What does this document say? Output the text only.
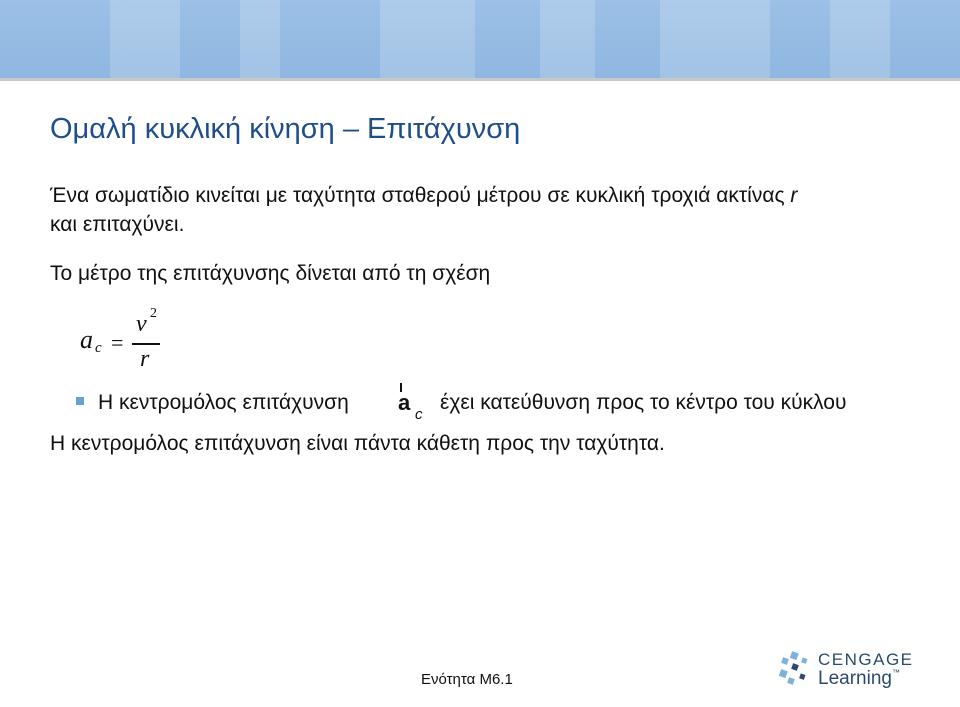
Ομαλή κυκλική κίνηση – Επιτάχυνση
Ένα σωματίδιο κινείται με ταχύτητα σταθερού μέτρου σε κυκλική τροχιά ακτίνας r
και επιταχύνει.
Το μέτρο της επιτάχυνσης δίνεται από τη σχέση
a c =
v 2
r
Η κεντρομόλος επιτάχυνση a c
έχει κατεύθυνση προς το κέντρο του κύκλου
Η κεντρομόλος επιτάχυνση είναι πάντα κάθετη προς την ταχύτητα.
Ενότητα Μ6.1
CENGAGE
Learning™
